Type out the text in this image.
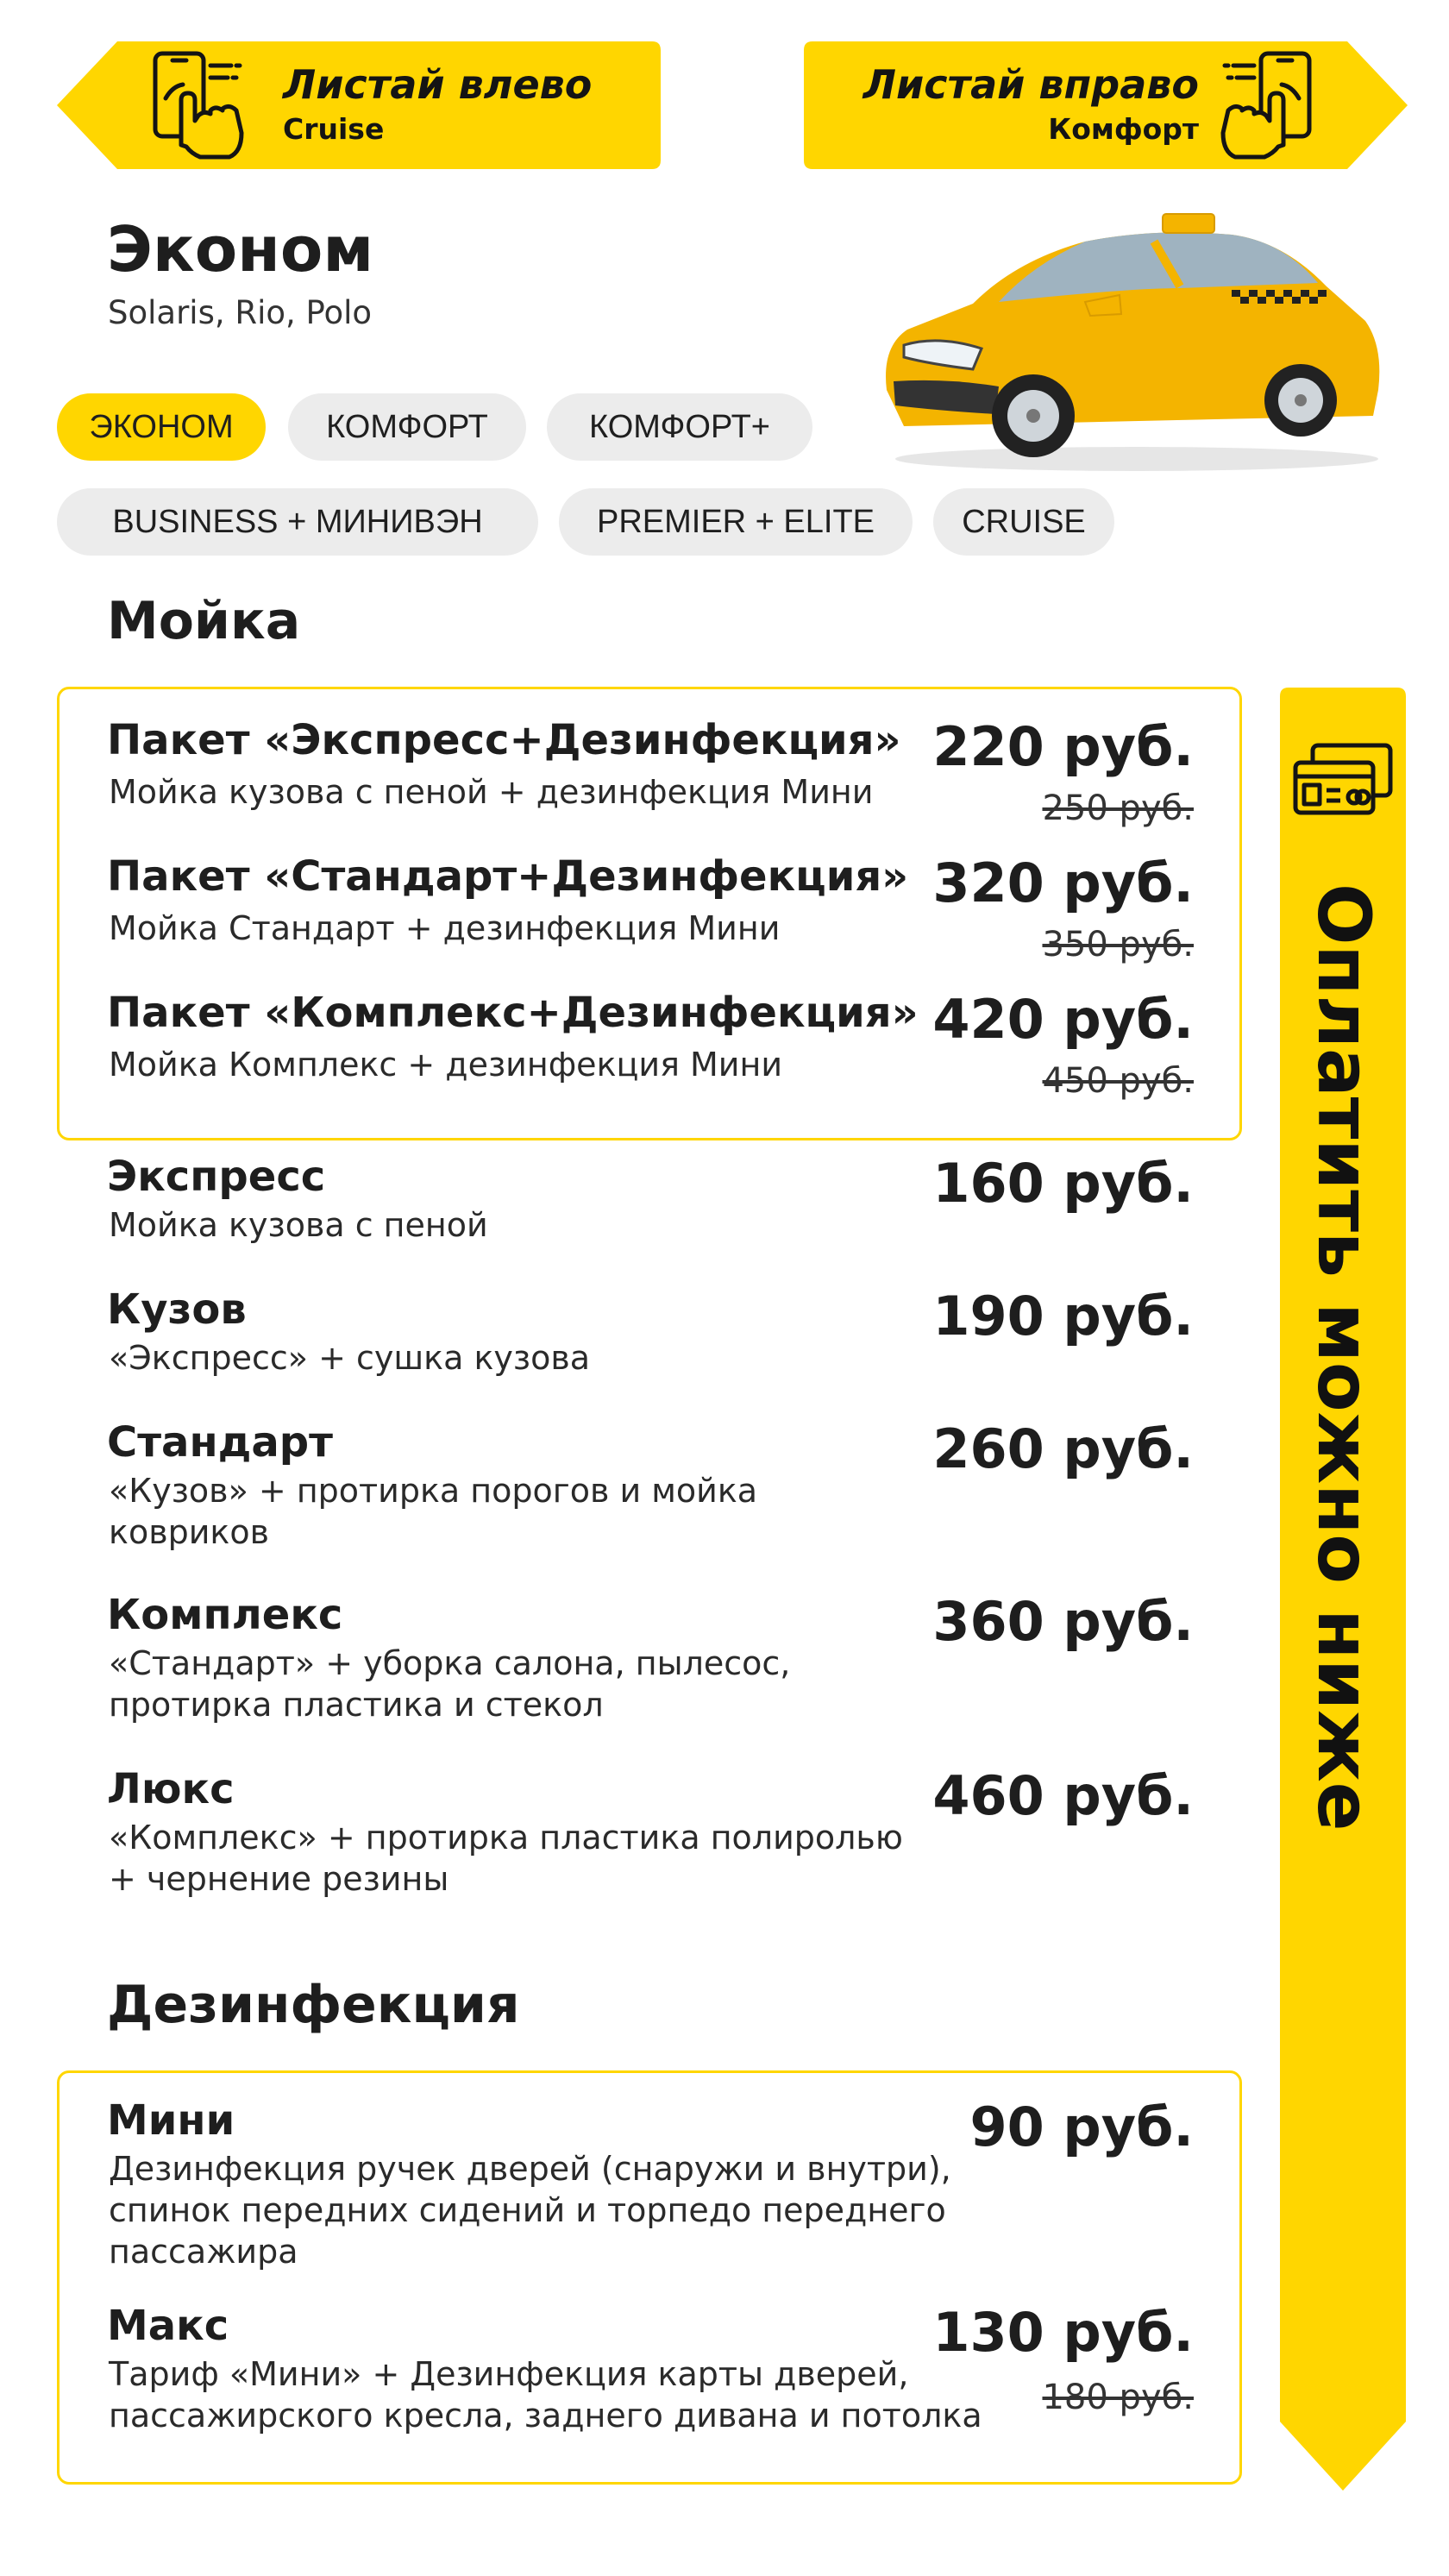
Листай влево
Cruise
Листай вправо
Комфорт
Эконом
Solaris, Rio, Polo
ЭКОНОМ	КОМФОРТ	КОМФОРТ+
BUSINESS + МИНИВЭН	PREMIER + ELITE	CRUISE
Мойка
Пакет «Экспресс+Дезинфекция»
Мойка кузова с пеной + дезинфекция Мини
220 руб.
250 руб.
Пакет «Стандарт+Дезинфекция»
Мойка Стандарт + дезинфекция Мини
320 руб.
350 руб.
Пакет «Комплекс+Дезинфекция»
Мойка Комплекс + дезинфекция Мини
420 руб.
450 руб.
Экспресс
Мойка кузова с пеной
160 руб.
Кузов
«Экспресс» + сушка кузова
190 руб.
Стандарт
«Кузов» + протирка порогов и мойка ковриков
260 руб.
Комплекс
«Стандарт» + уборка салона, пылесос, протирка пластика и стекол
360 руб.
Люкс
«Комплекс» + протирка пластика полиролью + чернение резины
460 руб.
Дезинфекция
Мини
Дезинфекция ручек дверей (снаружи и внутри), спинок передних сидений и торпедо переднего пассажира
90 руб.
Макс
Тариф «Мини» + Дезинфекция карты дверей, пассажирского кресла, заднего дивана и потолка
130 руб.
180 руб.
Оплатить можно ниже
